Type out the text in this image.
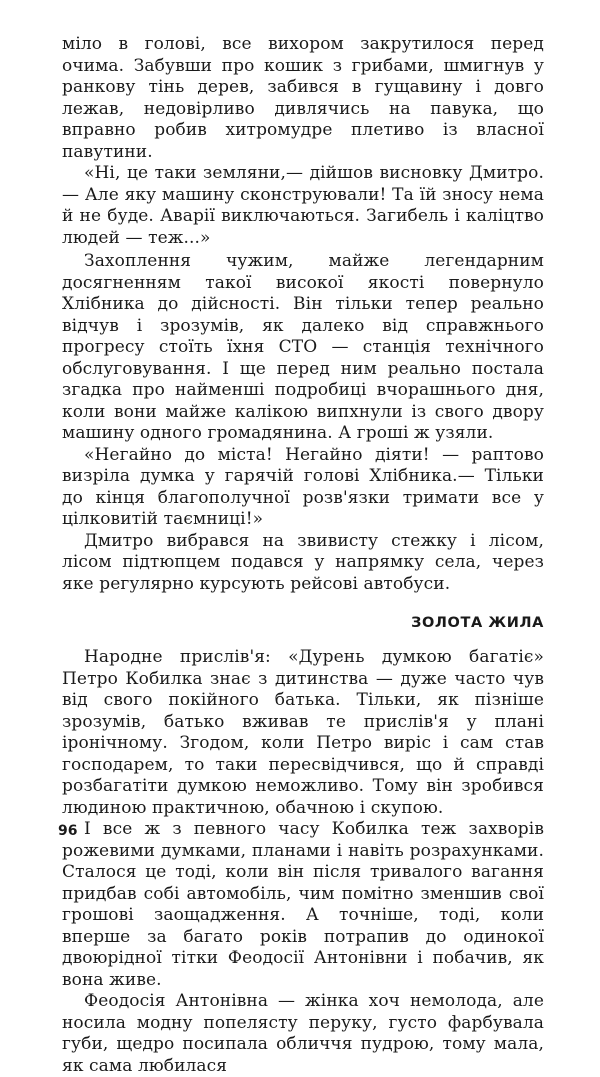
міло в голові, все вихором закрутилося перед очима. Забувши про кошик з грибами, шмигнув у ранкову тінь дерев, забився в гущавину і довго лежав, недовірливо дивлячись на павука, що вправно робив хитромудре плетиво із власної павутини.

«Ні, це таки земляни,— дійшов висновку Дмитро.— Але яку машину сконструювали! Та їй зносу нема й не буде. Аварії виключаються. Загибель і каліцтво людей — теж...»

Захоплення чужим, майже легендарним досягненням такої високої якості повернуло Хлібника до дійсності. Він тільки тепер реально відчув і зрозумів, як далеко від справжнього прогресу стоїть їхня СТО — станція технічного обслуговування. І ще перед ним реально постала згадка про найменші подробиці вчорашнього дня, коли вони майже калікою випхнули із свого двору машину одного громадянина. А гроші ж узяли.

«Негайно до міста! Негайно діяти! — раптово визріла думка у гарячій голові Хлібника.— Тільки до кінця благополучної розв'язки тримати все у цілковитій таємниці!»

Дмитро вибрався на звивисту стежку і лісом, лісом підтюпцем подався у напрямку села, через яке регулярно курсують рейсові автобуси.

ЗОЛОТА ЖИЛА

Народне прислів'я: «Дурень думкою багатіє» Петро Кобилка знає з дитинства — дуже часто чув від свого покійного батька. Тільки, як пізніше зрозумів, батько вживав те прислів'я у плані іронічному. Згодом, коли Петро виріс і сам став господарем, то таки пересвідчився, що й справді розбагатіти думкою неможливо. Тому він зробився людиною практичною, обачною і скупою.

І все ж з певного часу Кобилка теж захворів рожевими думками, планами і навіть розрахунками. Сталося це тоді, коли він після тривалого вагання придбав собі автомобіль, чим помітно зменшив свої грошові заощадження. А точніше, тоді, коли вперше за багато років потрапив до одинокої двоюрідної тітки Феодосії Антонівни і побачив, як вона живе.

Феодосія Антонівна — жінка хоч немолода, але носила модну попелясту перуку, густо фарбувала губи, щедро посипала обличчя пудрою, тому мала, як сама любилася

96
